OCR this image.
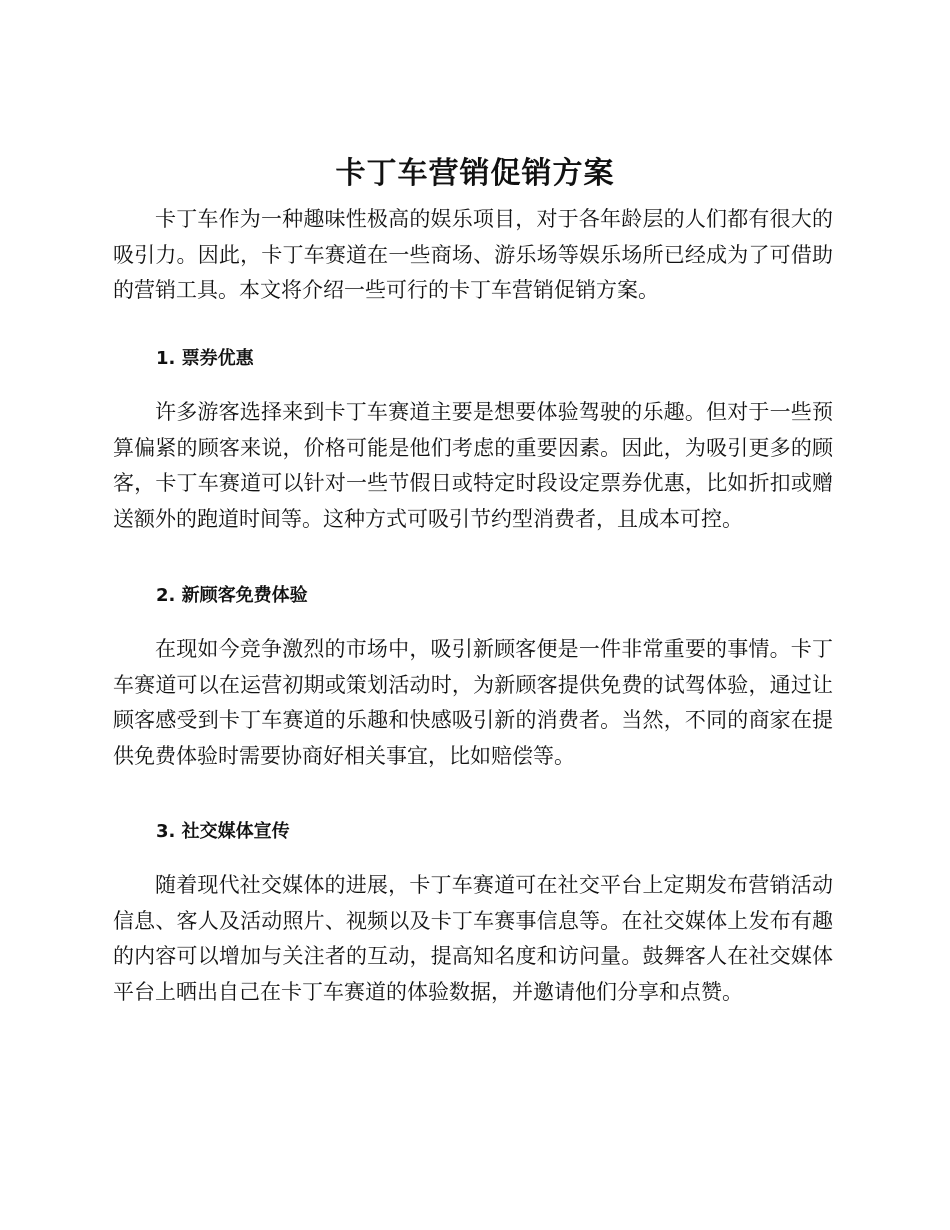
卡丁车营销促销方案

卡丁车作为一种趣味性极高的娱乐项目，对于各年龄层的人们都有很大的吸引力。因此，卡丁车赛道在一些商场、游乐场等娱乐场所已经成为了可借助的营销工具。本文将介绍一些可行的卡丁车营销促销方案。

1. 票券优惠

许多游客选择来到卡丁车赛道主要是想要体验驾驶的乐趣。但对于一些预算偏紧的顾客来说，价格可能是他们考虑的重要因素。因此，为吸引更多的顾客，卡丁车赛道可以针对一些节假日或特定时段设定票券优惠，比如折扣或赠送额外的跑道时间等。这种方式可吸引节约型消费者，且成本可控。

2. 新顾客免费体验

在现如今竞争激烈的市场中，吸引新顾客便是一件非常重要的事情。卡丁车赛道可以在运营初期或策划活动时，为新顾客提供免费的试驾体验，通过让顾客感受到卡丁车赛道的乐趣和快感吸引新的消费者。当然，不同的商家在提供免费体验时需要协商好相关事宜，比如赔偿等。

3. 社交媒体宣传

随着现代社交媒体的进展，卡丁车赛道可在社交平台上定期发布营销活动信息、客人及活动照片、视频以及卡丁车赛事信息等。在社交媒体上发布有趣的内容可以增加与关注者的互动，提高知名度和访问量。鼓舞客人在社交媒体平台上晒出自己在卡丁车赛道的体验数据，并邀请他们分享和点赞。
